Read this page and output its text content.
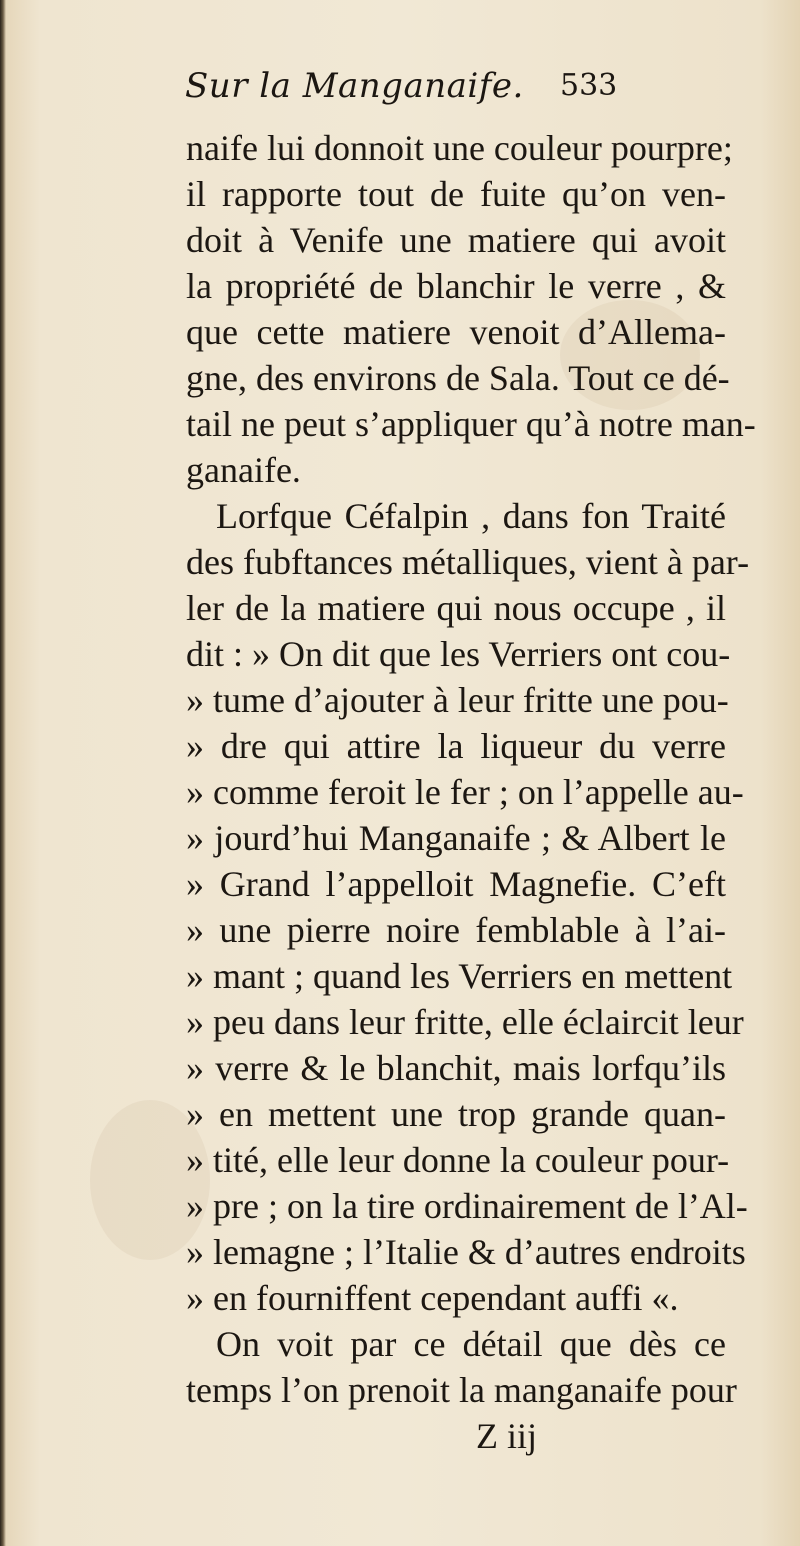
Sur la Manganaife. 533
naife lui donnoit une couleur pourpre;
il rapporte tout de fuite qu’on ven-
doit à Venife une matiere qui avoit
la propriété de blanchir le verre , &
que cette matiere venoit d’Allema-
gne, des environs de Sala. Tout ce dé-
tail ne peut s’appliquer qu’à notre man-
ganaife.
Lorfque Céfalpin , dans fon Traité
des fubftances métalliques, vient à par-
ler de la matiere qui nous occupe , il
dit : » On dit que les Verriers ont cou-
» tume d’ajouter à leur fritte une pou-
» dre qui attire la liqueur du verre
» comme feroit le fer ; on l’appelle au-
» jourd’hui Manganaife ; & Albert le
» Grand l’appelloit Magnefie. C’eft
» une pierre noire femblable à l’ai-
» mant ; quand les Verriers en mettent
» peu dans leur fritte, elle éclaircit leur
» verre & le blanchit, mais lorfqu’ils
» en mettent une trop grande quan-
» tité, elle leur donne la couleur pour-
» pre ; on la tire ordinairement de l’Al-
» lemagne ; l’Italie & d’autres endroits
» en fourniffent cependant auffi «.
On voit par ce détail que dès ce
temps l’on prenoit la manganaife pour
Z iij
